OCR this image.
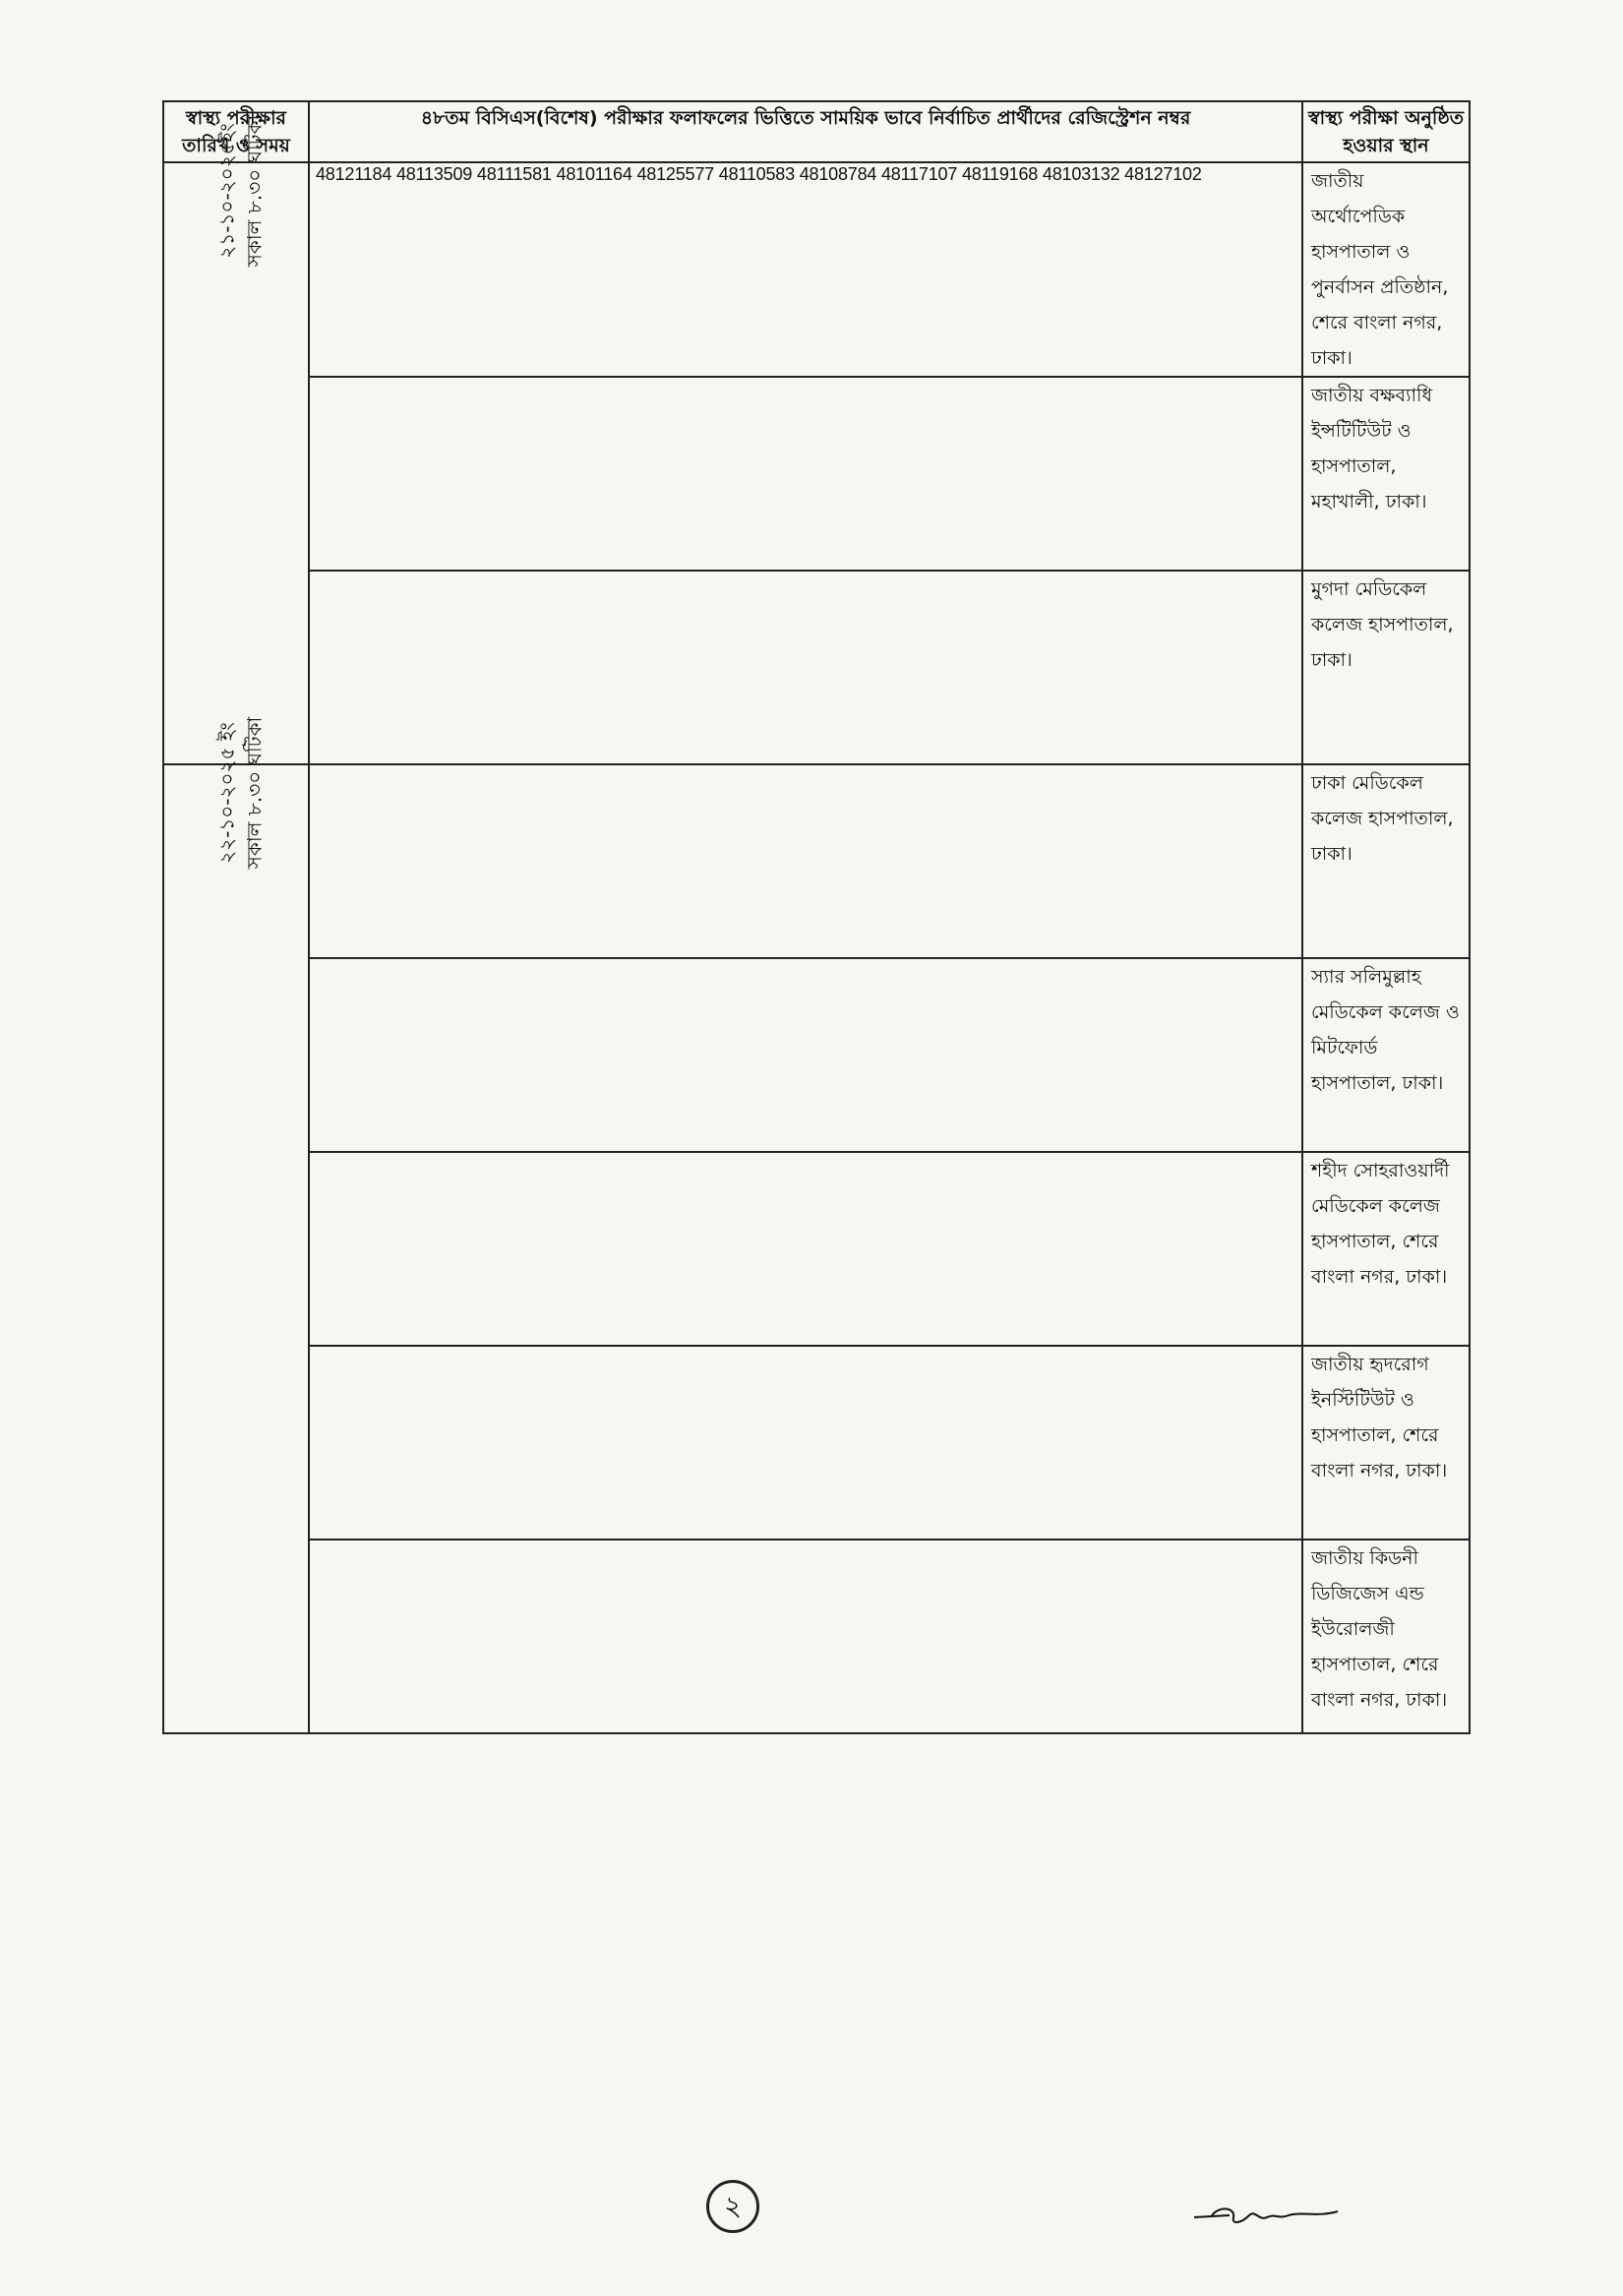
স্বাস্থ্য পরীক্ষার তারিখ ও সময়	৪৮তম বিসিএস(বিশেষ) পরীক্ষার ফলাফলের ভিত্তিতে সাময়িক ভাবে নির্বাচিত প্রার্থীদের রেজিস্ট্রেশন নম্বর	স্বাস্থ্য পরীক্ষা অনুষ্ঠিত হওয়ার স্থান
২১-১০-২০২৫ইং সকাল ৮.৩০ ঘটিকা	48121184 48113509 48111581 48101164 48125577 48110583 48108784 48117107 48119168 48103132 48127102	জাতীয় অর্থোপেডিক হাসপাতাল ও পুনর্বাসন প্রতিষ্ঠান, শেরে বাংলা নগর, ঢাকা।

		জাতীয় বক্ষব্যাধি ইন্সটিটিউট ও হাসপাতাল, মহাখালী, ঢাকা।

		মুগদা মেডিকেল কলেজ হাসপাতাল, ঢাকা।
২২-১০-২০২৫ ইং সকাল ৮.৩০ ঘটিকা		ঢাকা মেডিকেল কলেজ হাসপাতাল, ঢাকা।

		স্যার সলিমুল্লাহ মেডিকেল কলেজ ও মিটফোর্ড হাসপাতাল, ঢাকা।

		শহীদ সোহরাওয়ার্দী মেডিকেল কলেজ হাসপাতাল, শেরে বাংলা নগর, ঢাকা।

		জাতীয় হৃদরোগ ইনস্টিটিউট ও হাসপাতাল, শেরে বাংলা নগর, ঢাকা।

		জাতীয় কিডনী ডিজিজেস এন্ড ইউরোলজী হাসপাতাল, শেরে বাংলা নগর, ঢাকা।
২
